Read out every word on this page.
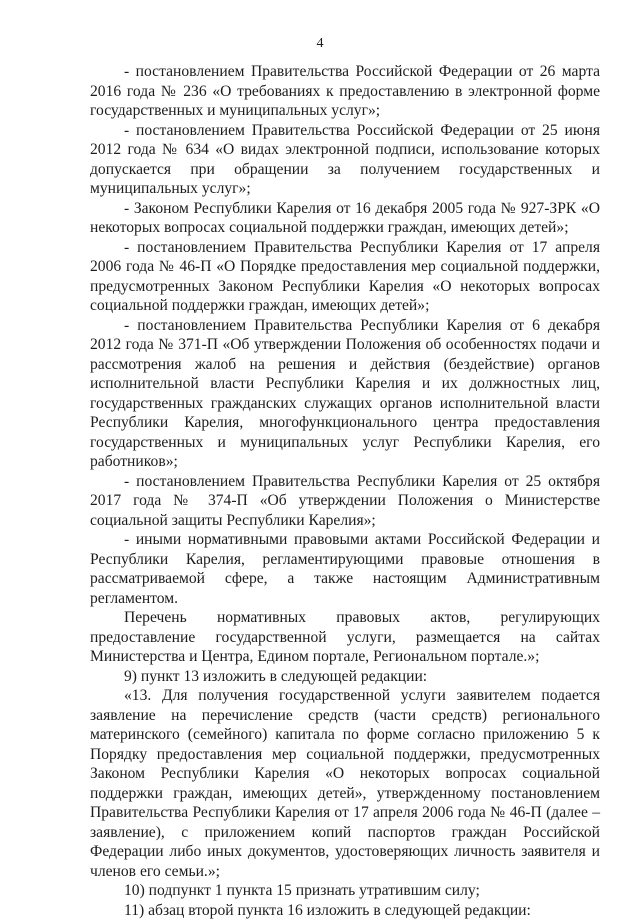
4

- постановлением Правительства Российской Федерации от 26 марта 2016 года № 236 «О требованиях к предоставлению в электронной форме государственных и муниципальных услуг»;

- постановлением Правительства Российской Федерации от 25 июня 2012 года № 634 «О видах электронной подписи, использование которых допускается при обращении за получением государственных и муниципальных услуг»;

- Законом Республики Карелия от 16 декабря 2005 года № 927-ЗРК «О некоторых вопросах социальной поддержки граждан, имеющих детей»;

- постановлением Правительства Республики Карелия от 17 апреля 2006 года № 46-П «О Порядке предоставления мер социальной поддержки, предусмотренных Законом Республики Карелия «О некоторых вопросах социальной поддержки граждан, имеющих детей»;

- постановлением Правительства Республики Карелия от 6 декабря 2012 года № 371-П «Об утверждении Положения об особенностях подачи и рассмотрения жалоб на решения и действия (бездействие) органов исполнительной власти Республики Карелия и их должностных лиц, государственных гражданских служащих органов исполнительной власти Республики Карелия, многофункционального центра предоставления государственных и муниципальных услуг Республики Карелия, его работников»;

- постановлением Правительства Республики Карелия от 25 октября 2017 года № 374-П «Об утверждении Положения о Министерстве социальной защиты Республики Карелия»;

- иными нормативными правовыми актами Российской Федерации и Республики Карелия, регламентирующими правовые отношения в рассматриваемой сфере, а также настоящим Административным регламентом.

Перечень нормативных правовых актов, регулирующих предоставление государственной услуги, размещается на сайтах Министерства и Центра, Едином портале, Региональном портале.»;

9) пункт 13 изложить в следующей редакции:

«13. Для получения государственной услуги заявителем подается заявление на перечисление средств (части средств) регионального материнского (семейного) капитала по форме согласно приложению 5 к Порядку предоставления мер социальной поддержки, предусмотренных Законом Республики Карелия «О некоторых вопросах социальной поддержки граждан, имеющих детей», утвержденному постановлением Правительства Республики Карелия от 17 апреля 2006 года № 46-П (далее – заявление), с приложением копий паспортов граждан Российской Федерации либо иных документов, удостоверяющих личность заявителя и членов его семьи.»;

10) подпункт 1 пункта 15 признать утратившим силу;

11) абзац второй пункта 16 изложить в следующей редакции:
